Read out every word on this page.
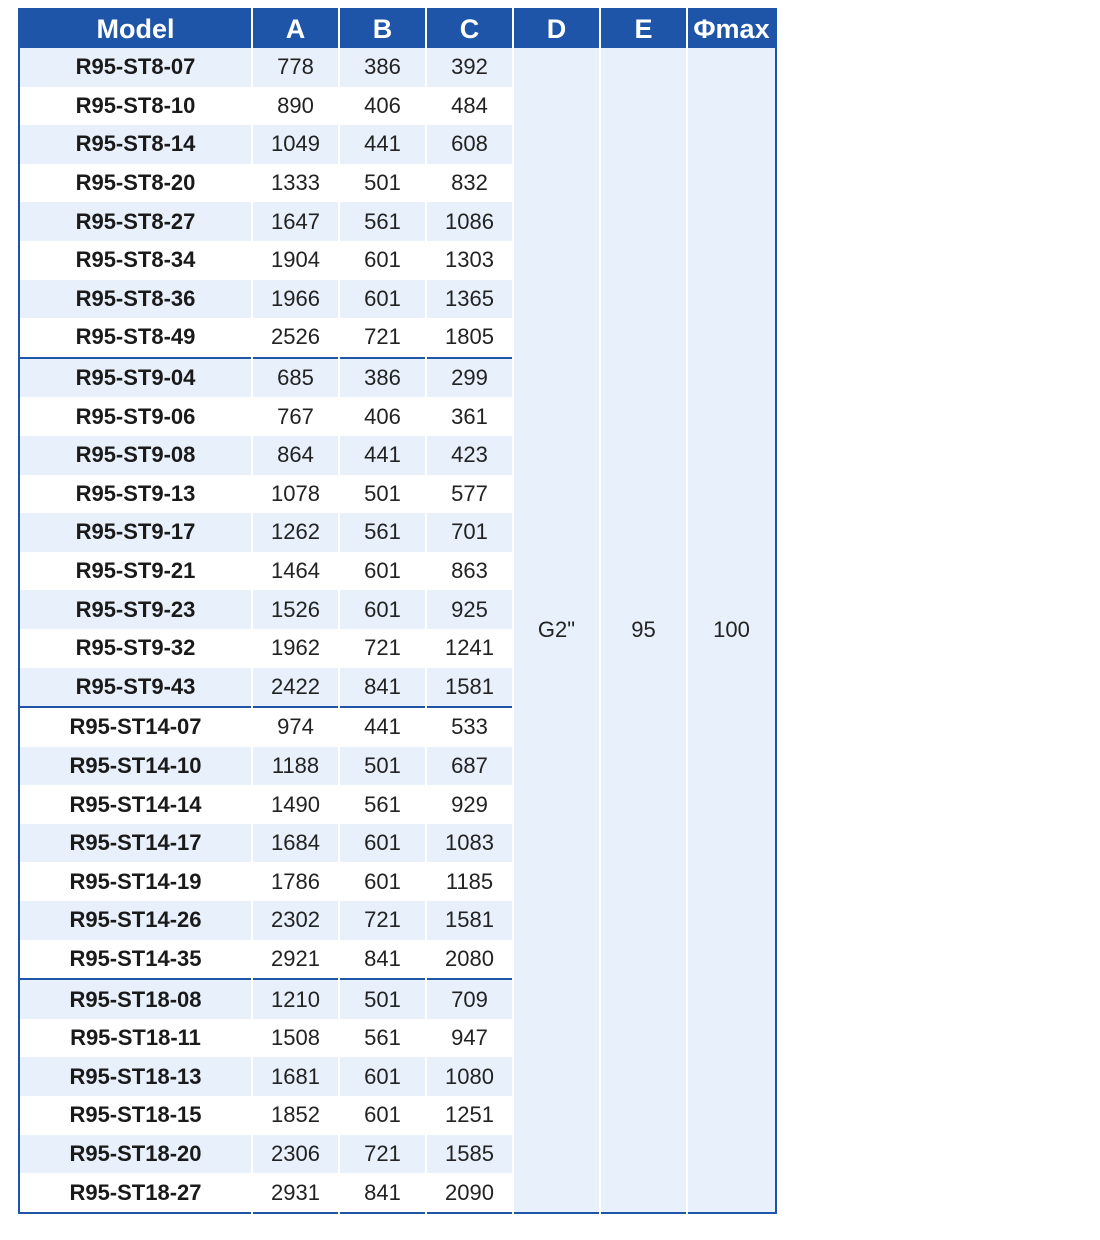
Model	A	B	C	D	E	Φmax
R95-ST8-07	778	386	392	G2"	95	100
R95-ST8-10	890	406	484			
R95-ST8-14	1049	441	608			
R95-ST8-20	1333	501	832			
R95-ST8-27	1647	561	1086			
R95-ST8-34	1904	601	1303			
R95-ST8-36	1966	601	1365			
R95-ST8-49	2526	721	1805			
R95-ST9-04	685	386	299			
R95-ST9-06	767	406	361			
R95-ST9-08	864	441	423			
R95-ST9-13	1078	501	577			
R95-ST9-17	1262	561	701			
R95-ST9-21	1464	601	863			
R95-ST9-23	1526	601	925			
R95-ST9-32	1962	721	1241			
R95-ST9-43	2422	841	1581			
R95-ST14-07	974	441	533			
R95-ST14-10	1188	501	687			
R95-ST14-14	1490	561	929			
R95-ST14-17	1684	601	1083			
R95-ST14-19	1786	601	1185			
R95-ST14-26	2302	721	1581			
R95-ST14-35	2921	841	2080			
R95-ST18-08	1210	501	709			
R95-ST18-11	1508	561	947			
R95-ST18-13	1681	601	1080			
R95-ST18-15	1852	601	1251			
R95-ST18-20	2306	721	1585			
R95-ST18-27	2931	841	2090			
